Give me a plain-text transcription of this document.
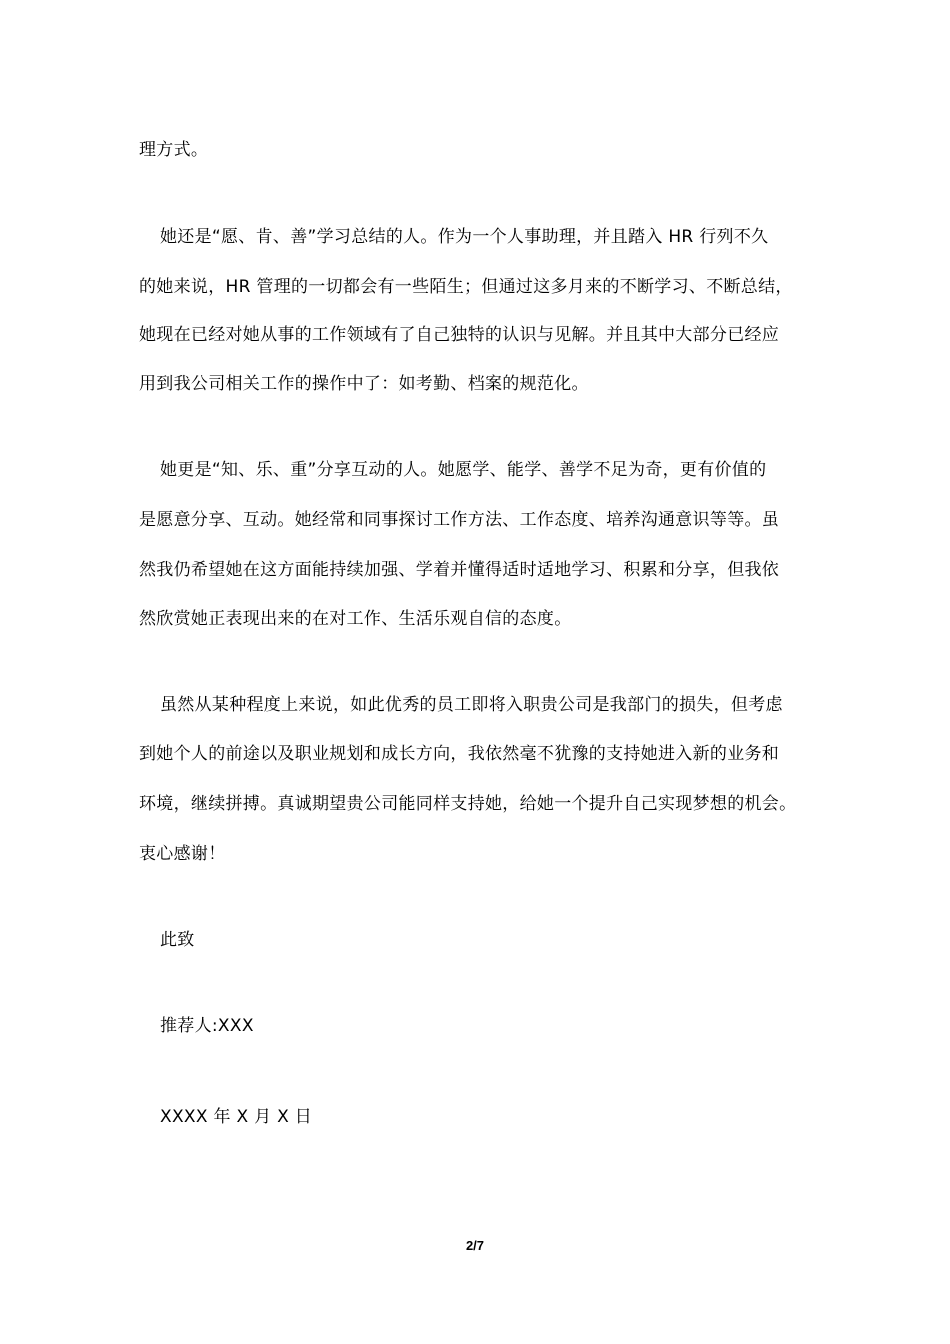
理方式。
她还是“愿、肯、善”学习总结的人。作为一个人事助理，并且踏入 HR 行列不久
的她来说，HR 管理的一切都会有一些陌生；但通过这多月来的不断学习、不断总结，
她现在已经对她从事的工作领域有了自己独特的认识与见解。并且其中大部分已经应
用到我公司相关工作的操作中了：如考勤、档案的规范化。
她更是“知、乐、重”分享互动的人。她愿学、能学、善学不足为奇，更有价值的
是愿意分享、互动。她经常和同事探讨工作方法、工作态度、培养沟通意识等等。虽
然我仍希望她在这方面能持续加强、学着并懂得适时适地学习、积累和分享，但我依
然欣赏她正表现出来的在对工作、生活乐观自信的态度。
虽然从某种程度上来说，如此优秀的员工即将入职贵公司是我部门的损失，但考虑
到她个人的前途以及职业规划和成长方向，我依然毫不犹豫的支持她进入新的业务和
环境，继续拼搏。真诚期望贵公司能同样支持她，给她一个提升自己实现梦想的机会。
衷心感谢！
此致
推荐人:XXX
XXXX 年 X 月 X 日
2/7
